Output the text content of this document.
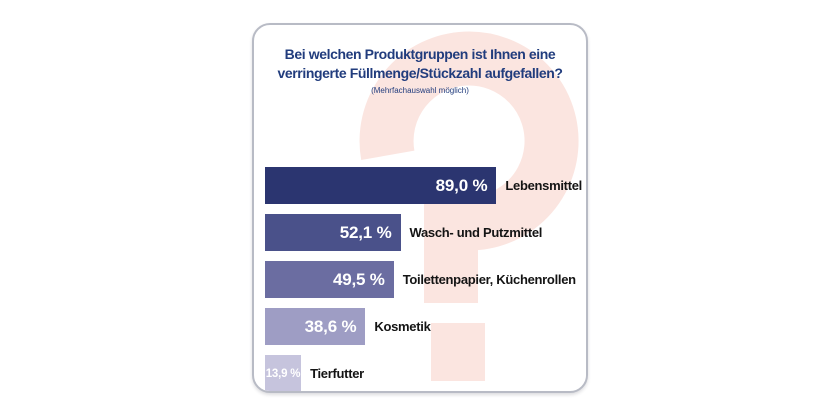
Bei welchen Produktgruppen ist Ihnen eine
verringerte Füllmenge/Stückzahl aufgefallen?
(Mehrfachauswahl möglich)
89,0 % Lebensmittel
52,1 % Wasch- und Putzmittel
49,5 % Toilettenpapier, Küchenrollen
38,6 % Kosmetik
13,9 % Tierfutter
